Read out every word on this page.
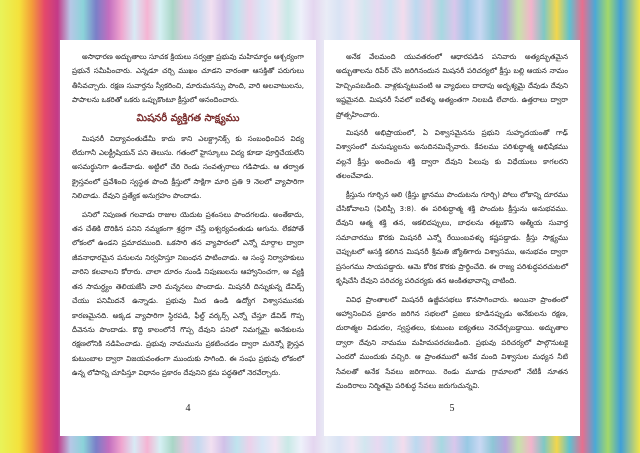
అసాధారణ అద్భుతాలు సూచక క్రియలు సర్వత్రా ప్రభువు మహిమార్థం ఆశ్చర్యంగా ప్రభునే సమీపించారు. ఎన్నడూ చర్చి ముఖం చూడని వారంతా ఆసక్తితో పరుగులు తీసివచ్చారు. రక్షణ సువార్తను స్వీకరించి, మారుమనస్సు పొంది, వారి అలవాటులను, పాపాలను ఒకరితో ఒకరు ఒప్పుకొంటూ క్రీస్తులో ఆనందించారు.

మిషనరీ వ్యక్తిగత సాక్ష్యము

మిషనరీ విద్యావంతుడేమీ కాదు కాని ఎలక్ట్రానిక్స్ కు సంబంధించిన విద్య లేదుగానీ ఎలక్ట్రీషియన్ పని తెలుసు. గతంలో హైస్కూలు విద్య కూడా పూర్తిచేయలేని అసమర్థునిగా ఉండేవాడు. అట్టిలో చేరి రెండు సంవత్సరాలు గడిపాడు. ఆ తర్వాత క్రైస్తవంలో ప్రవేశించి స్వస్థత పొంది క్రీస్తులో సాక్షిగా మారి ప్రతి 9 నెలలో వ్యాపారిగా నిలిచాడు. దేవుని ప్రత్యేక అనుగ్రహం పొందాడు.

పనిలో నిపుణత గలవాడు రాజుల యెదుట ప్రశంసలు పొందగలడు. అంతేకాదు, తన చేతికి దొరికిన పనిని నమ్మకంగా శ్రద్ధగా చేస్తే ఐశ్వర్యవంతుడు అగును. లేకపోతే లోకంలో ఉండని ప్రమాదముంది. ఒకసారి తన వ్యాపారంలో ఎన్నో మార్గాల ద్వారా జీవనాధారమైన పనులను నిర్వహిస్తూ నిబంధన పాటించాడు. ఆ సంస్థ నిర్వాహకులు వారిని కలవాలని కోరారు. చాలా దూరం నుండి నిపుణులను ఆహ్వానించగా, ఆ వ్యక్తి తన సామర్థ్యం తెలియజేసి వారి మన్ననలు పొందాడు. మిషనరీ దిన్నుకున్న డేవిడ్స్ చేయు పనిమీదనే ఉన్నాడు. ప్రభువు మీద ఉండి ఉద్యోగ విశ్వాసమునకు కారణమైనది. అక్కడ వ్యాపారిగా స్థిరపడి, ఫీల్డ్ వర్కర్స్ ఎన్నో చేస్తూ డేవిడ్ గొప్ప దీవెనను పొందాడు. కొద్ది కాలంలోనే గొప్ప దేవుని పనిలో నిమగ్నమై అనేకులను రక్షణలోనికి నడిపించాడు. ప్రభువు నామమును ప్రకటించడం ద్వారా మరెన్నో క్రైస్తవ కుటుంబాల ద్వారా విజయవంతంగా ముందుకు సాగింది. ఈ సంఘ ప్రభువు లోకంలో ఉన్న లోపాన్ని చూపిస్తూ విధానం ప్రకారం దేవునిని క్రమ పద్ధతిలో నెరవేర్చారు.

4

అనేక వేలమంది యువతరంలో ఆధారపడిన పనివారు అత్యద్భుతమైన అద్భుతాలను రిపేర్ చేసి జరిగినందున మిషనరీ పరిచర్యలో క్రీస్తు బల్లి ఆయన నామం హెచ్చింపబడింది. వాళ్లకున్నటువంటి ఆ వ్యాధులు దాదాపు అదృశ్యమై దేవుడు దేవుని ఇష్టమైనది. మిషనరీ సేవలో ఐదేళ్ళు అత్యంతగా నిలబడి లేచారు. ఉత్తరాలు ద్వారా ప్రోత్సహించారు.

మిషనరీ అభిప్రాయంలో, ఏ విశ్వాసమైనను ప్రభుని సుహృదయంతో గాఢ్ విశ్వాసంలో మనుష్యులను అనుదినమిచ్చేవారు. కేవలము పరిశుద్ధాత్మ అభిషేకము వల్లనే క్రీస్తు అందించు శక్తి ద్వారా దేవుని పిలుపు కు విధేయులు కాగలరని తలంచేవాడు.

క్రీస్తును గూర్చిన ఆలి (క్రీస్తు జ్ఞానము పొందుటను గూర్చి) పోలు లోకాన్ని దూరము చేసికోవాలని (ఫిలిప్పీ 3:8). ఈ పరిశుద్ధాత్మ శక్తి పొందుట క్రీస్తును అనుభవము. దేవుని ఆత్మ శక్తి తన, ఆకలిదప్పులు, బాధలను తట్టుకొని ఆత్మీయ సువార్త సమాచారము కొరకు మిషనరీ ఎన్నో రేయింబవళ్ళు కష్టపడ్డాడు. క్రీస్తు సాక్ష్యము చెప్పుటలో ఆసక్తి కలిగిన మిషనరీ శ్రీమతి జ్యోతిగారు విశ్వాసము, అనుభవం ద్వారా ప్రసంగము సాయపడ్డారు. ఆమె కోరిక కొరకు ప్రార్థించేది. ఈ రాజ్య పరిశుద్ధపరచుటలో కృషిచేసి దేవుని పరిచర్య పరిచర్యకు తన అంకితభావాన్ని చాటింది.

వివిధ ప్రాంతాలలో మిషనరీ ఉజ్జీవసభలు కొనసాగించారు. అయినా ప్రాంతంలో ఆహ్వానించిన ప్రకారం జరిగిన సభలలో ప్రజలు కూడినప్పుడు అనేకులను రక్షణ, దురాత్మల విడుదల, స్వస్థతలు, కుటుంబ ఐక్యతలు నెరవేర్చబడ్డాయి. అద్భుతాల ద్వారా దేవుని నామము మహిమపరచబడింది. ప్రభువు పరిచర్యలో పాల్గొనుటకై ఎందరో ముందుకు వచ్చిరి. ఆ ప్రాంతములో అనేక మంది విశ్వాసుల మధ్యన నీటి సేవలతో అనేక సేవలు జరిగాయి. రెండు మూడు గ్రామాలలో నేటికీ నూతన మందిరాలు నిర్మితమై పరిశుద్ధ సేవలు జరుగుచున్నవి.

5
